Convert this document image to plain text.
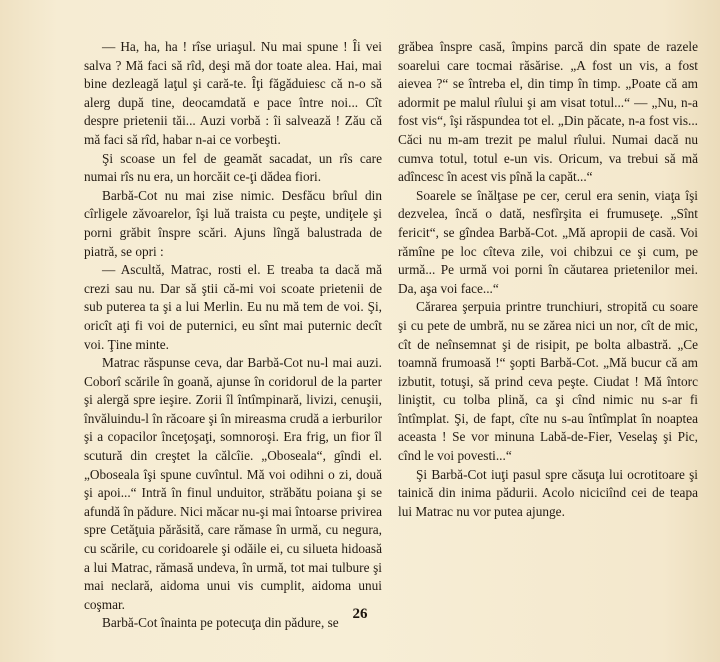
— Ha, ha, ha ! rîse uriaşul. Nu mai spune ! Îi vei salva ? Mă faci să rîd, deşi mă dor toate alea. Hai, mai bine dezleagă laţul şi cară-te. Îţi făgăduiesc că n-o să alerg după tine, deocamdată e pace între noi... Cît despre prietenii tăi... Auzi vorbă : îi salvează ! Zău că mă faci să rîd, habar n-ai ce vorbeşti.

Şi scoase un fel de geamăt sacadat, un rîs care numai rîs nu era, un horcăit ce-ţi dădea fiori.

Barbă-Cot nu mai zise nimic. Desfăcu brîul din cîrligele zăvoarelor, îşi luă traista cu peşte, undiţele şi porni grăbit înspre scări. Ajuns lîngă balustrada de piatră, se opri :

— Ascultă, Matrac, rosti el. E treaba ta dacă mă crezi sau nu. Dar să ştii că-mi voi scoate prietenii de sub puterea ta şi a lui Merlin. Eu nu mă tem de voi. Şi, oricît aţi fi voi de puternici, eu sînt mai puternic decît voi. Ţine minte.

Matrac răspunse ceva, dar Barbă-Cot nu-l mai auzi. Coborî scările în goană, ajunse în coridorul de la parter şi alergă spre ieşire. Zorii îl întîmpinară, livizi, cenuşii, învăluindu-l în răcoare şi în mireasma crudă a ierburilor şi a copacilor înceţoşaţi, somnoroşi. Era frig, un fior îl scutură din creştet la călcîie. „Oboseala“, gîndi el. „Oboseala îşi spune cuvîntul. Mă voi odihni o zi, două şi apoi...“ Intră în finul unduitor, străbătu poiana şi se afundă în pădure. Nici măcar nu-şi mai întoarse privirea spre Cetăţuia părăsită, care rămase în urmă, cu negura, cu scările, cu coridoarele şi odăile ei, cu silueta hidoasă a lui Matrac, rămasă undeva, în urmă, tot mai tulbure şi mai neclară, aidoma unui vis cumplit, aidoma unui coşmar.

Barbă-Cot înainta pe potecuţa din pădure, se

grăbea înspre casă, împins parcă din spate de razele soarelui care tocmai răsărise. „A fost un vis, a fost aievea ?“ se întreba el, din timp în timp. „Poate că am adormit pe malul rîului şi am visat totul...“ — „Nu, n-a fost vis“, îşi răspundea tot el. „Din păcate, n-a fost vis... Căci nu m-am trezit pe malul rîului. Numai dacă nu cumva totul, totul e-un vis. Oricum, va trebui să mă adîncesc în acest vis pînă la capăt...“

Soarele se înălţase pe cer, cerul era senin, viaţa îşi dezvelea, încă o dată, nesfîrşita ei frumuseţe. „Sînt fericit“, se gîndea Barbă-Cot. „Mă apropii de casă. Voi rămîne pe loc cîteva zile, voi chibzui ce şi cum, pe urmă... Pe urmă voi porni în căutarea prietenilor mei. Da, aşa voi face...“

Cărarea şerpuia printre trunchiuri, stropită cu soare şi cu pete de umbră, nu se zărea nici un nor, cît de mic, cît de neînsemnat şi de risipit, pe bolta albastră. „Ce toamnă frumoasă !“ şopti Barbă-Cot. „Mă bucur că am izbutit, totuşi, să prind ceva peşte. Ciudat ! Mă întorc liniştit, cu tolba plină, ca şi cînd nimic nu s-ar fi întîmplat. Şi, de fapt, cîte nu s-au întîmplat în noaptea aceasta ! Se vor minuna Labă-de-Fier, Veselaş şi Pic, cînd le voi povesti...“

Şi Barbă-Cot iuţi pasul spre căsuţa lui ocrotitoare şi tainică din inima pădurii. Acolo niciciînd cei de teapa lui Matrac nu vor putea ajunge.

26
